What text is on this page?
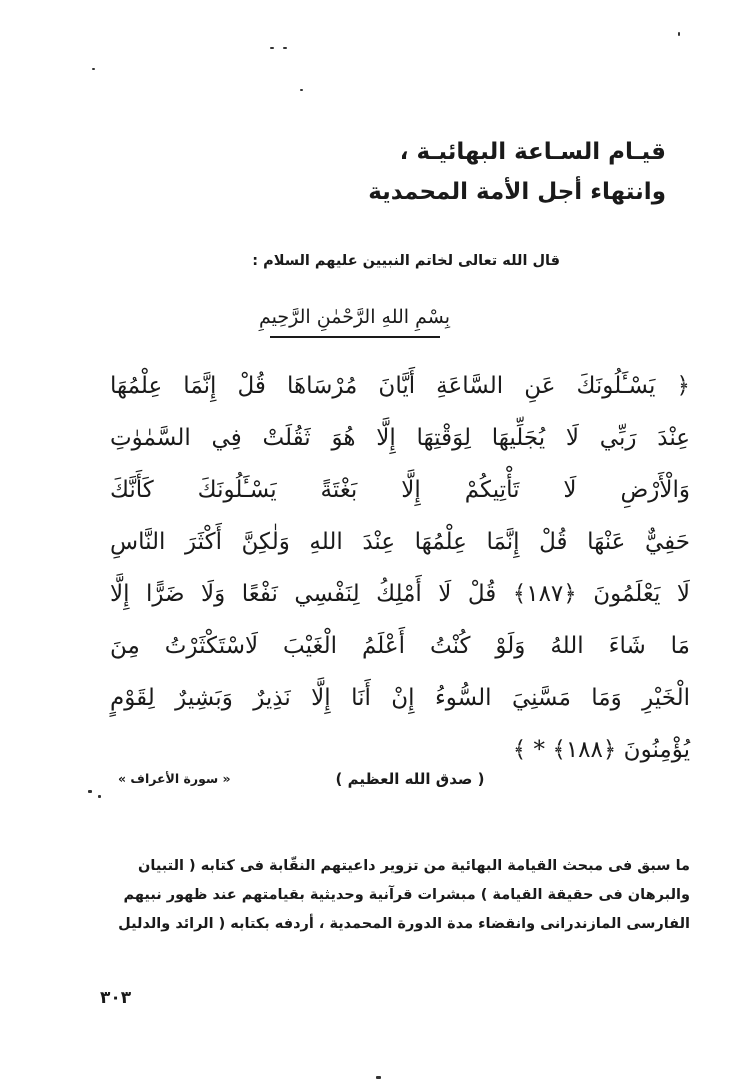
قيـام السـاعة البهائيـة ،
وانتهاء أجل الأمة المحمدية
قال الله تعالى لخاتم النبيين عليهم السلام :
بِسْمِ اللهِ الرَّحْمٰنِ الرَّحِيمِ
﴿ يَسْـَٔلُونَكَ عَنِ السَّاعَةِ أَيَّانَ مُرْسَاهَا قُلْ إِنَّمَا عِلْمُهَا
عِنْدَ رَبِّي لَا يُجَلِّيهَا لِوَقْتِهَا إِلَّا هُوَ ثَقُلَتْ فِي السَّمٰوٰتِ
وَالْأَرْضِ لَا تَأْتِيكُمْ إِلَّا بَغْتَةً يَسْـَٔلُونَكَ كَأَنَّكَ
حَفِيٌّ عَنْهَا قُلْ إِنَّمَا عِلْمُهَا عِنْدَ اللهِ وَلٰكِنَّ أَكْثَرَ النَّاسِ
لَا يَعْلَمُونَ ﴿١٨٧﴾ قُلْ لَا أَمْلِكُ لِنَفْسِي نَفْعًا وَلَا ضَرًّا إِلَّا
مَا شَاءَ اللهُ وَلَوْ كُنْتُ أَعْلَمُ الْغَيْبَ لَاسْتَكْثَرْتُ مِنَ
الْخَيْرِ وَمَا مَسَّنِيَ السُّوءُ إِنْ أَنَا إِلَّا نَذِيرٌ وَبَشِيرٌ لِقَوْمٍ
يُؤْمِنُونَ ﴿١٨٨﴾ * ﴾
« سورة الأعراف »	( صدق الله العظيم )
ما سبق فى مبحث القيامة البهائية من تزوير داعيتهم النقّابة فى كتابه ( التبيان
والبرهان فى حقيقة القيامة ) مبشرات قرآنية وحديثية بقيامتهم عند ظهور نبيهم
الفارسى المازندرانى وانقضاء مدة الدورة المحمدية ، أردفه بكتابه ( الرائد والدليل
٣٠٣
